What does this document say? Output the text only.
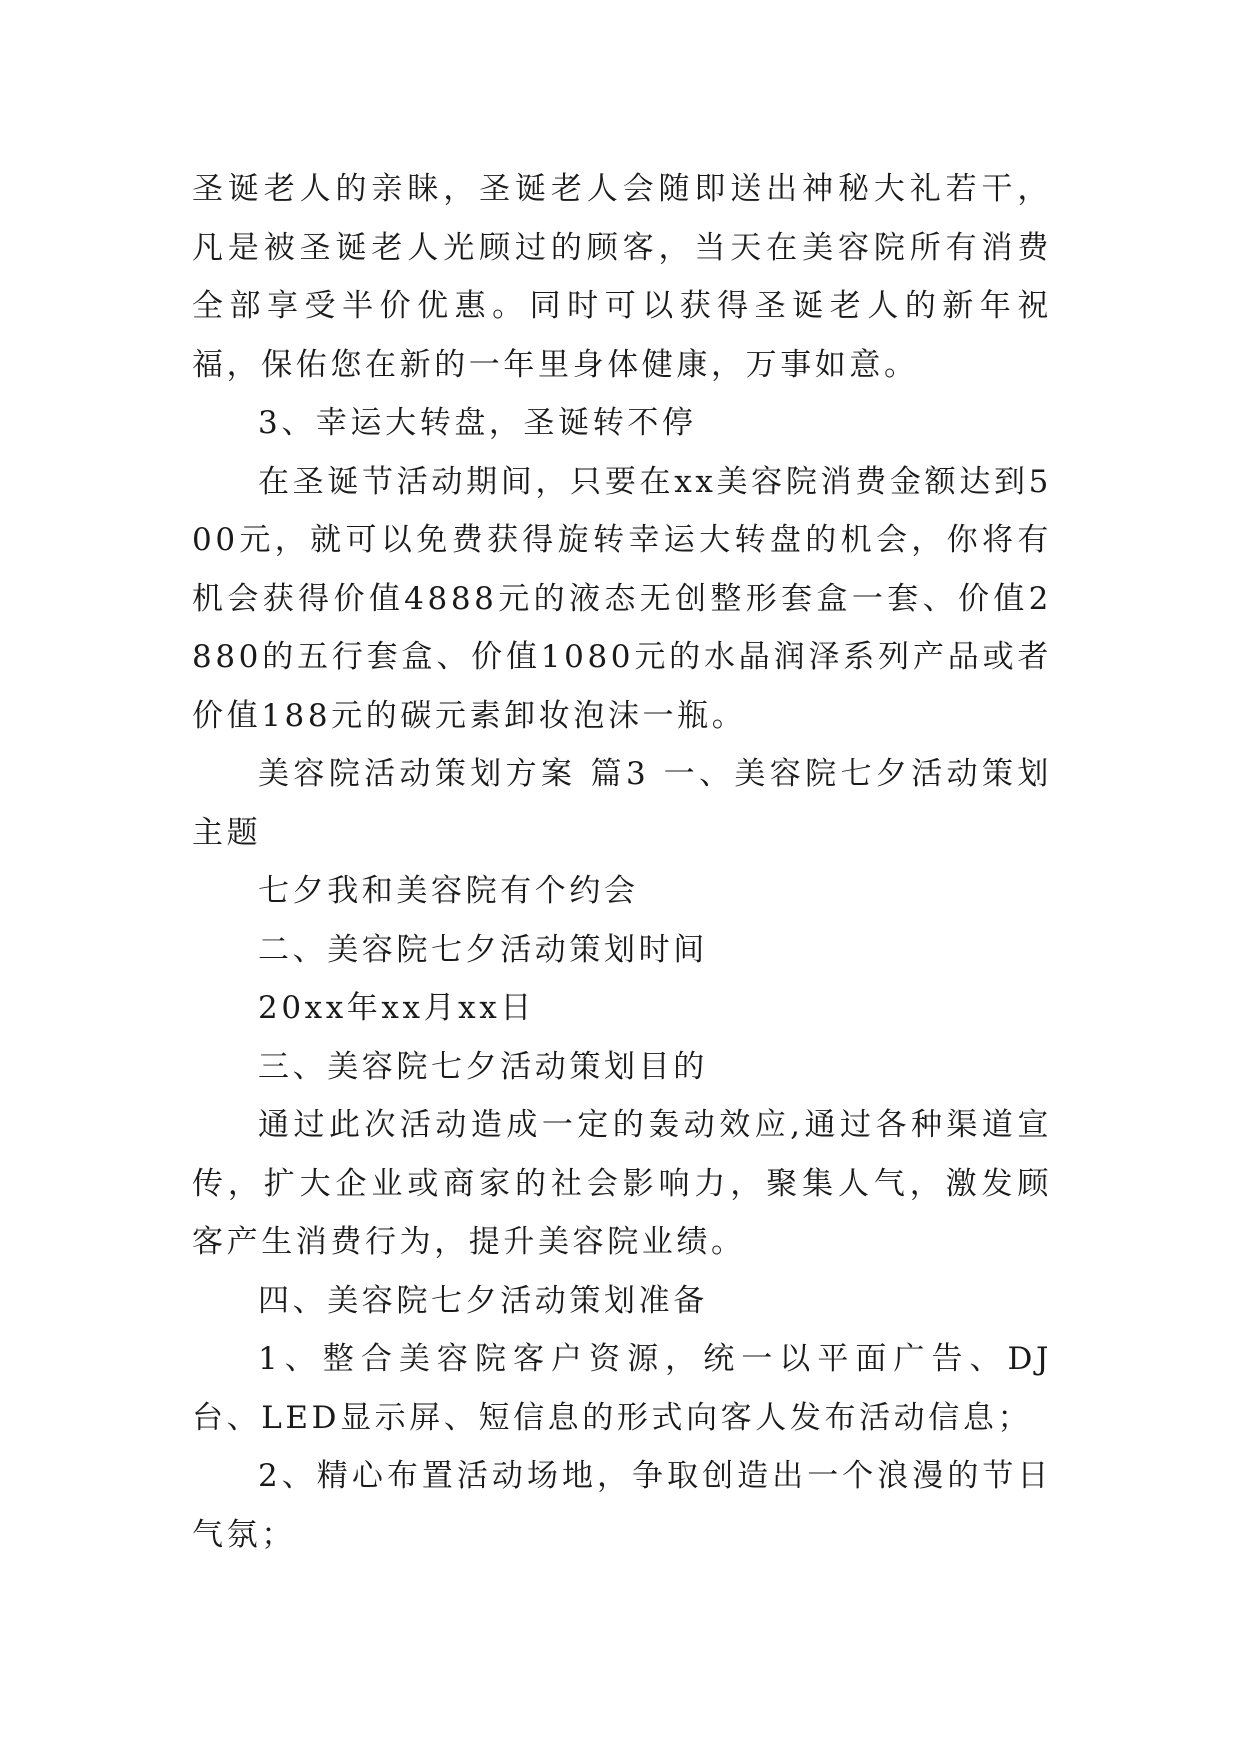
圣诞老人的亲睐，圣诞老人会随即送出神秘大礼若干，凡是被圣诞老人光顾过的顾客，当天在美容院所有消费全部享受半价优惠。同时可以获得圣诞老人的新年祝福，保佑您在新的一年里身体健康，万事如意。

3、幸运大转盘，圣诞转不停

在圣诞节活动期间，只要在xx美容院消费金额达到500元，就可以免费获得旋转幸运大转盘的机会，你将有机会获得价值4888元的液态无创整形套盒一套、价值2880的五行套盒、价值1080元的水晶润泽系列产品或者价值188元的碳元素卸妆泡沫一瓶。

美容院活动策划方案 篇3 一、美容院七夕活动策划主题

七夕我和美容院有个约会

二、美容院七夕活动策划时间

20xx年xx月xx日

三、美容院七夕活动策划目的

通过此次活动造成一定的轰动效应,通过各种渠道宣传，扩大企业或商家的社会影响力，聚集人气，激发顾客产生消费行为，提升美容院业绩。

四、美容院七夕活动策划准备

1、整合美容院客户资源，统一以平面广告、DJ台、LED显示屏、短信息的形式向客人发布活动信息；

2、精心布置活动场地，争取创造出一个浪漫的节日气氛；
